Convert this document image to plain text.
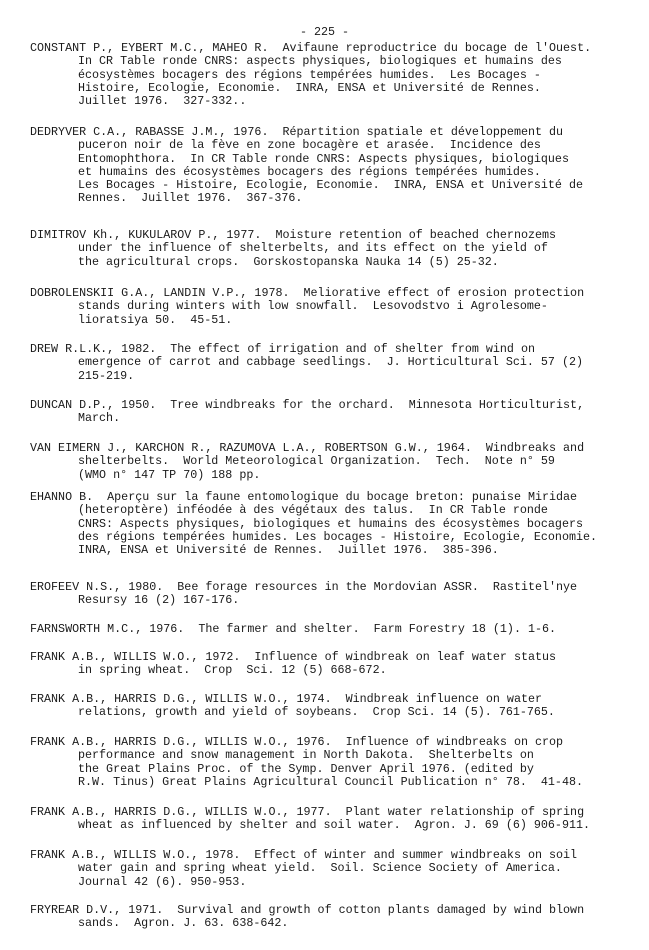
- 225 -
CONSTANT P., EYBERT M.C., MAHEO R.  Avifaune reproductrice du bocage de l'Ouest.
In CR Table ronde CNRS: aspects physiques, biologiques et humains des
écosystèmes bocagers des régions tempérées humides.  Les Bocages -
Histoire, Ecologie, Economie.  INRA, ENSA et Université de Rennes.
Juillet 1976.  327-332..
DEDRYVER C.A., RABASSE J.M., 1976.  Répartition spatiale et développement du
puceron noir de la fève en zone bocagère et arasée.  Incidence des
Entomophthora.  In CR Table ronde CNRS: Aspects physiques, biologiques
et humains des écosystèmes bocagers des régions tempérées humides.
Les Bocages - Histoire, Ecologie, Economie.  INRA, ENSA et Université de
Rennes.  Juillet 1976.  367-376.
DIMITROV Kh., KUKULAROV P., 1977.  Moisture retention of beached chernozems
under the influence of shelterbelts, and its effect on the yield of
the agricultural crops.  Gorskostopanska Nauka 14 (5) 25-32.
DOBROLENSKII G.A., LANDIN V.P., 1978.  Meliorative effect of erosion protection
stands during winters with low snowfall.  Lesovodstvo i Agrolesome-
lioratsiya 50.  45-51.
DREW R.L.K., 1982.  The effect of irrigation and of shelter from wind on
emergence of carrot and cabbage seedlings.  J. Horticultural Sci. 57 (2)
215-219.
DUNCAN D.P., 1950.  Tree windbreaks for the orchard.  Minnesota Horticulturist,
March.
VAN EIMERN J., KARCHON R., RAZUMOVA L.A., ROBERTSON G.W., 1964.  Windbreaks and
shelterbelts.  World Meteorological Organization.  Tech.  Note n° 59
(WMO n° 147 TP 70) 188 pp.
EHANNO B.  Aperçu sur la faune entomologique du bocage breton: punaise Miridae
(heteroptère) inféodée à des végétaux des talus.  In CR Table ronde
CNRS: Aspects physiques, biologiques et humains des écosystèmes bocagers
des régions tempérées humides. Les bocages - Histoire, Ecologie, Economie.
INRA, ENSA et Université de Rennes.  Juillet 1976.  385-396.
EROFEEV N.S., 1980.  Bee forage resources in the Mordovian ASSR.  Rastitel'nye
Resursy 16 (2) 167-176.
FARNSWORTH M.C., 1976.  The farmer and shelter.  Farm Forestry 18 (1). 1-6.
FRANK A.B., WILLIS W.O., 1972.  Influence of windbreak on leaf water status
in spring wheat.  Crop  Sci. 12 (5) 668-672.
FRANK A.B., HARRIS D.G., WILLIS W.O., 1974.  Windbreak influence on water
relations, growth and yield of soybeans.  Crop Sci. 14 (5). 761-765.
FRANK A.B., HARRIS D.G., WILLIS W.O., 1976.  Influence of windbreaks on crop
performance and snow management in North Dakota.  Shelterbelts on
the Great Plains Proc. of the Symp. Denver April 1976. (edited by
R.W. Tinus) Great Plains Agricultural Council Publication n° 78.  41-48.
FRANK A.B., HARRIS D.G., WILLIS W.O., 1977.  Plant water relationship of spring
wheat as influenced by shelter and soil water.  Agron. J. 69 (6) 906-911.
FRANK A.B., WILLIS W.O., 1978.  Effect of winter and summer windbreaks on soil
water gain and spring wheat yield.  Soil. Science Society of America.
Journal 42 (6). 950-953.
FRYREAR D.V., 1971.  Survival and growth of cotton plants damaged by wind blown
sands.  Agron. J. 63. 638-642.
